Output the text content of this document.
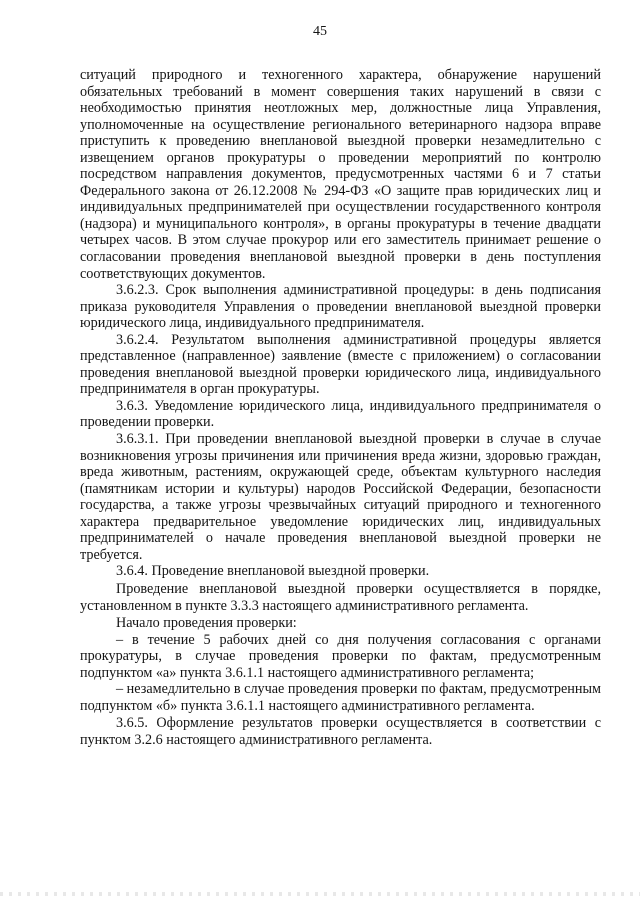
45

ситуаций природного и техногенного характера, обнаружение нарушений обязательных требований в момент совершения таких нарушений в связи с необходимостью принятия неотложных мер, должностные лица Управления, уполномоченные на осуществление регионального ветеринарного надзора вправе приступить к проведению внеплановой выездной проверки незамедлительно с извещением органов прокуратуры о проведении мероприятий по контролю посредством направления документов, предусмотренных частями 6 и 7 статьи Федерального закона от 26.12.2008 № 294-ФЗ «О защите прав юридических лиц и индивидуальных предпринимателей при осуществлении государственного контроля (надзора) и муниципального контроля», в органы прокуратуры в течение двадцати четырех часов. В этом случае прокурор или его заместитель принимает решение о согласовании проведения внеплановой выездной проверки в день поступления соответствующих документов.

3.6.2.3. Срок выполнения административной процедуры: в день подписания приказа руководителя Управления о проведении внеплановой выездной проверки юридического лица, индивидуального предпринимателя.

3.6.2.4. Результатом выполнения административной процедуры является представленное (направленное) заявление (вместе с приложением) о согласовании проведения внеплановой выездной проверки юридического лица, индивидуального предпринимателя в орган прокуратуры.

3.6.3. Уведомление юридического лица, индивидуального предпринимателя о проведении проверки.

3.6.3.1. При проведении внеплановой выездной проверки в случае в случае возникновения угрозы причинения или причинения вреда жизни, здоровью граждан, вреда животным, растениям, окружающей среде, объектам культурного наследия (памятникам истории и культуры) народов Российской Федерации, безопасности государства, а также угрозы чрезвычайных ситуаций природного и техногенного характера предварительное уведомление юридических лиц, индивидуальных предпринимателей о начале проведения внеплановой выездной проверки не требуется.

3.6.4. Проведение внеплановой выездной проверки.

Проведение внеплановой выездной проверки осуществляется в порядке, установленном в пункте 3.3.3 настоящего административного регламента.

Начало проведения проверки:

– в течение 5 рабочих дней со дня получения согласования с органами прокуратуры, в случае проведения проверки по фактам, предусмотренным подпунктом «а» пункта 3.6.1.1 настоящего административного регламента;

– незамедлительно в случае проведения проверки по фактам, предусмотренным подпунктом «б» пункта 3.6.1.1 настоящего административного регламента.

3.6.5. Оформление результатов проверки осуществляется в соответствии с пунктом 3.2.6 настоящего административного регламента.
